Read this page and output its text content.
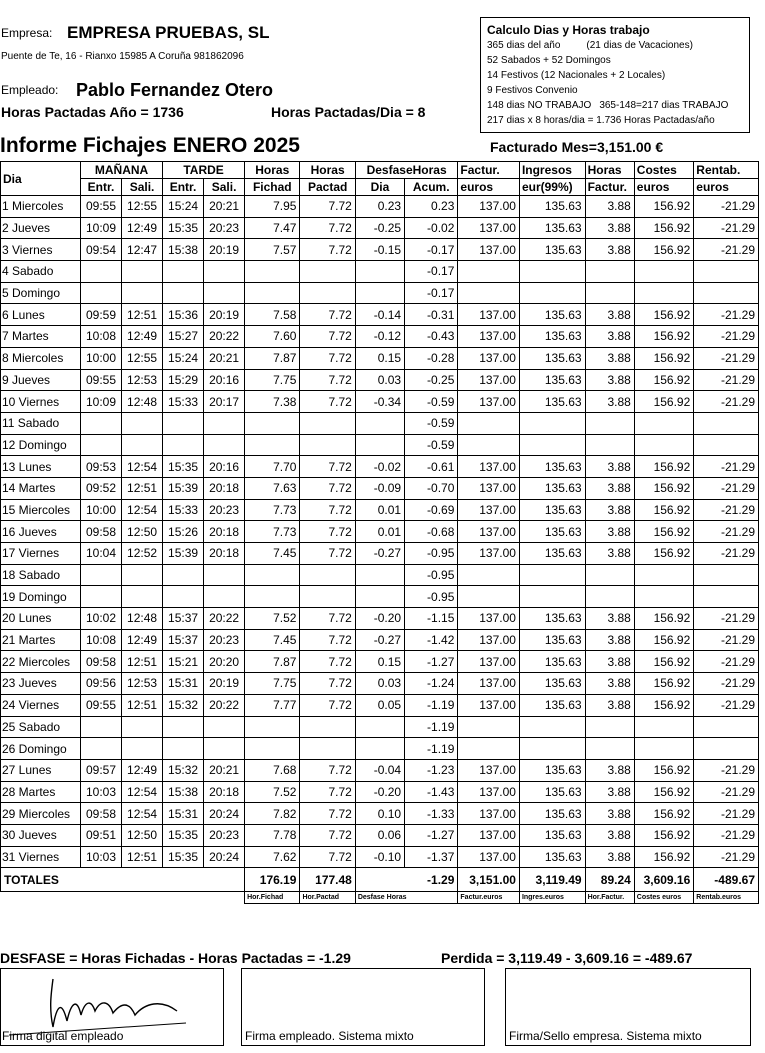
Empresa: EMPRESA PRUEBAS, SL
Puente de Te, 16 - Rianxo 15985 A Coruña 981862096
Empleado: Pablo Fernandez Otero
Horas Pactadas Año = 1736	Horas Pactadas/Dia = 8
Calculo Dias y Horas trabajo
365 dias del año	(21 dias de Vacaciones)
52 Sabados + 52 Domingos
14 Festivos (12 Nacionales + 2 Locales)
9 Festivos Convenio
148 dias NO TRABAJO 365-148=217 dias TRABAJO
217 dias x 8 horas/dia = 1.736 Horas Pactadas/año
Informe Fichajes ENERO 2025	Facturado Mes=3,151.00 €
Dia	MAÑANA		TARDE		Horas	Horas	DesfaseHoras		Factur.	Ingresos	Horas	Costes	Rentab.
	Entr.	Sali.	Entr.	Sali.	Fichad	Pactad	Dia	Acum.	euros	eur(99%)	Factur.	euros	euros
1 Miercoles	09:55	12:55	15:24	20:21	7.95	7.72	0.23	0.23	137.00	135.63	3.88	156.92	-21.29
2 Jueves	10:09	12:49	15:35	20:23	7.47	7.72	-0.25	-0.02	137.00	135.63	3.88	156.92	-21.29
3 Viernes	09:54	12:47	15:38	20:19	7.57	7.72	-0.15	-0.17	137.00	135.63	3.88	156.92	-21.29
4 Sabado								-0.17					
5 Domingo								-0.17					
6 Lunes	09:59	12:51	15:36	20:19	7.58	7.72	-0.14	-0.31	137.00	135.63	3.88	156.92	-21.29
7 Martes	10:08	12:49	15:27	20:22	7.60	7.72	-0.12	-0.43	137.00	135.63	3.88	156.92	-21.29
8 Miercoles	10:00	12:55	15:24	20:21	7.87	7.72	0.15	-0.28	137.00	135.63	3.88	156.92	-21.29
9 Jueves	09:55	12:53	15:29	20:16	7.75	7.72	0.03	-0.25	137.00	135.63	3.88	156.92	-21.29
10 Viernes	10:09	12:48	15:33	20:17	7.38	7.72	-0.34	-0.59	137.00	135.63	3.88	156.92	-21.29
11 Sabado								-0.59					
12 Domingo								-0.59					
13 Lunes	09:53	12:54	15:35	20:16	7.70	7.72	-0.02	-0.61	137.00	135.63	3.88	156.92	-21.29
14 Martes	09:52	12:51	15:39	20:18	7.63	7.72	-0.09	-0.70	137.00	135.63	3.88	156.92	-21.29
15 Miercoles	10:00	12:54	15:33	20:23	7.73	7.72	0.01	-0.69	137.00	135.63	3.88	156.92	-21.29
16 Jueves	09:58	12:50	15:26	20:18	7.73	7.72	0.01	-0.68	137.00	135.63	3.88	156.92	-21.29
17 Viernes	10:04	12:52	15:39	20:18	7.45	7.72	-0.27	-0.95	137.00	135.63	3.88	156.92	-21.29
18 Sabado								-0.95					
19 Domingo								-0.95					
20 Lunes	10:02	12:48	15:37	20:22	7.52	7.72	-0.20	-1.15	137.00	135.63	3.88	156.92	-21.29
21 Martes	10:08	12:49	15:37	20:23	7.45	7.72	-0.27	-1.42	137.00	135.63	3.88	156.92	-21.29
22 Miercoles	09:58	12:51	15:21	20:20	7.87	7.72	0.15	-1.27	137.00	135.63	3.88	156.92	-21.29
23 Jueves	09:56	12:53	15:31	20:19	7.75	7.72	0.03	-1.24	137.00	135.63	3.88	156.92	-21.29
24 Viernes	09:55	12:51	15:32	20:22	7.77	7.72	0.05	-1.19	137.00	135.63	3.88	156.92	-21.29
25 Sabado								-1.19					
26 Domingo								-1.19					
27 Lunes	09:57	12:49	15:32	20:21	7.68	7.72	-0.04	-1.23	137.00	135.63	3.88	156.92	-21.29
28 Martes	10:03	12:54	15:38	20:18	7.52	7.72	-0.20	-1.43	137.00	135.63	3.88	156.92	-21.29
29 Miercoles	09:58	12:54	15:31	20:24	7.82	7.72	0.10	-1.33	137.00	135.63	3.88	156.92	-21.29
30 Jueves	09:51	12:50	15:35	20:23	7.78	7.72	0.06	-1.27	137.00	135.63	3.88	156.92	-21.29
31 Viernes	10:03	12:51	15:35	20:24	7.62	7.72	-0.10	-1.37	137.00	135.63	3.88	156.92	-21.29
TOTALES					176.19	177.48	-1.29		3,151.00	3,119.49	89.24	3,609.16	-489.67
					Hor.Fichad	Hor.Pactad	Desfase Horas		Factur.euros	Ingres.euros	Hor.Factur.	Costes euros	Rentab.euros
DESFASE = Horas Fichadas - Horas Pactadas = -1.29	Perdida = 3,119.49 - 3,609.16 = -489.67
Firma digital empleado	Firma empleado. Sistema mixto	Firma/Sello empresa. Sistema mixto
